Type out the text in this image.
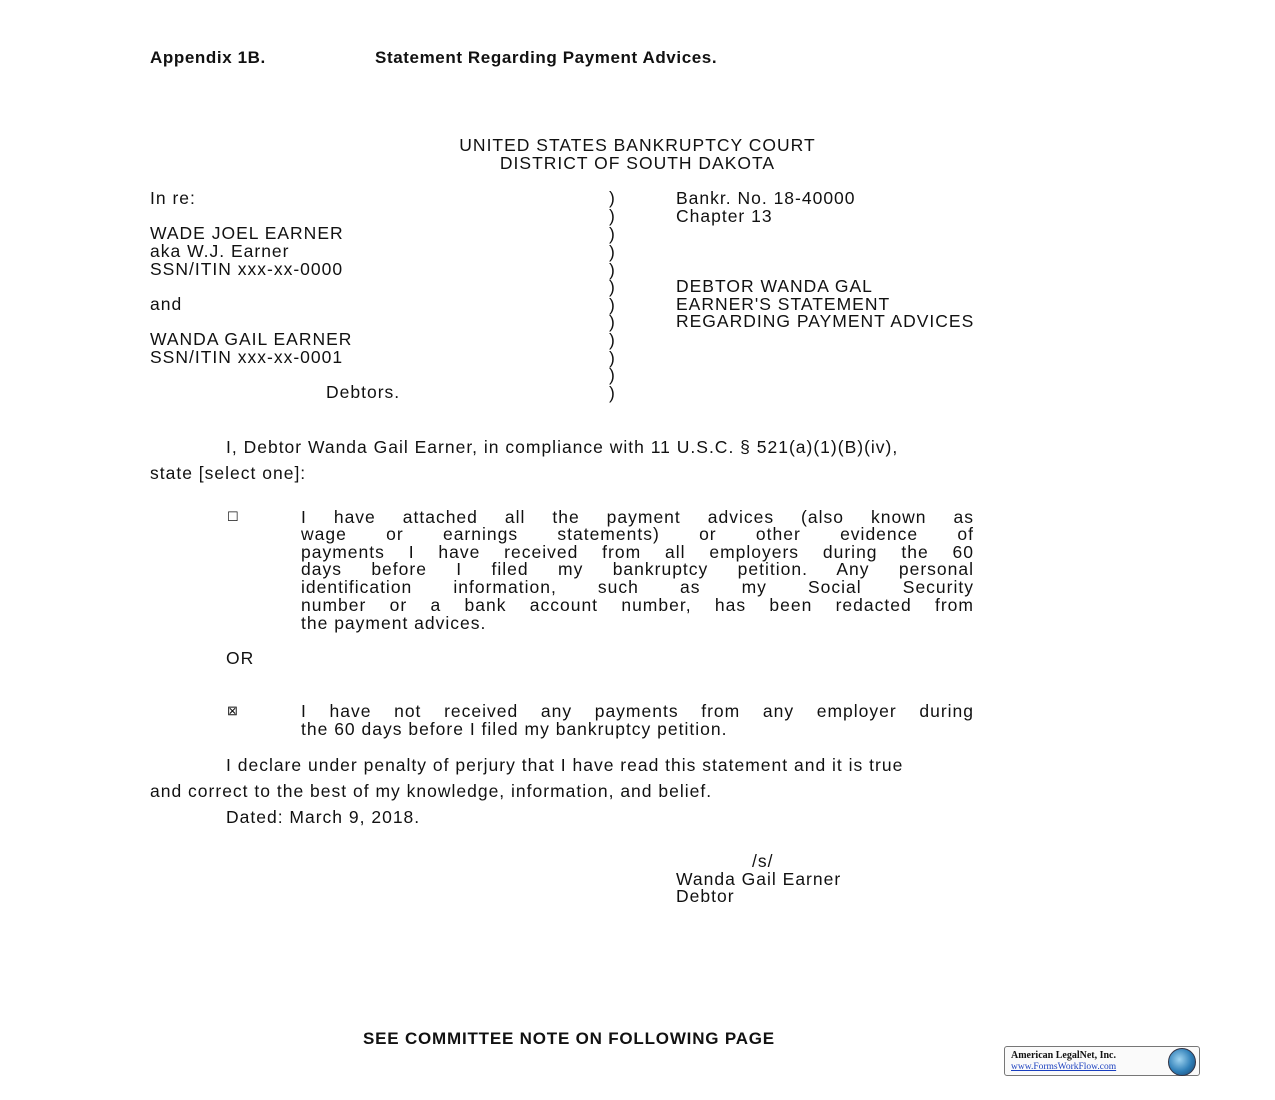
Appendix 1B.	Statement Regarding Payment Advices.
UNITED STATES BANKRUPTCY COURT
DISTRICT OF SOUTH DAKOTA
In re:
WADE JOEL EARNER
aka W.J. Earner
SSN/ITIN xxx-xx-0000
and
WANDA GAIL EARNER
SSN/ITIN xxx-xx-0001
Debtors.
)
)
)
)
)
)
)
)
)
)
)
)
Bankr. No. 18-40000
Chapter 13
DEBTOR WANDA GAL
EARNER'S STATEMENT
REGARDING PAYMENT ADVICES
I, Debtor Wanda Gail Earner, in compliance with 11 U.S.C. § 521(a)(1)(B)(iv),
state [select one]:
☐	I have attached all the payment advices (also known as
wage or earnings statements) or other evidence of
payments I have received from all employers during the 60
days before I filed my bankruptcy petition. Any personal
identification information, such as my Social Security
number or a bank account number, has been redacted from
the payment advices.
OR
⊠	I have not received any payments from any employer during
the 60 days before I filed my bankruptcy petition.
I declare under penalty of perjury that I have read this statement and it is true
and correct to the best of my knowledge, information, and belief.
Dated: March 9, 2018.
/s/
Wanda Gail Earner
Debtor
SEE COMMITTEE NOTE ON FOLLOWING PAGE
American LegalNet, Inc.
www.FormsWorkFlow.com
